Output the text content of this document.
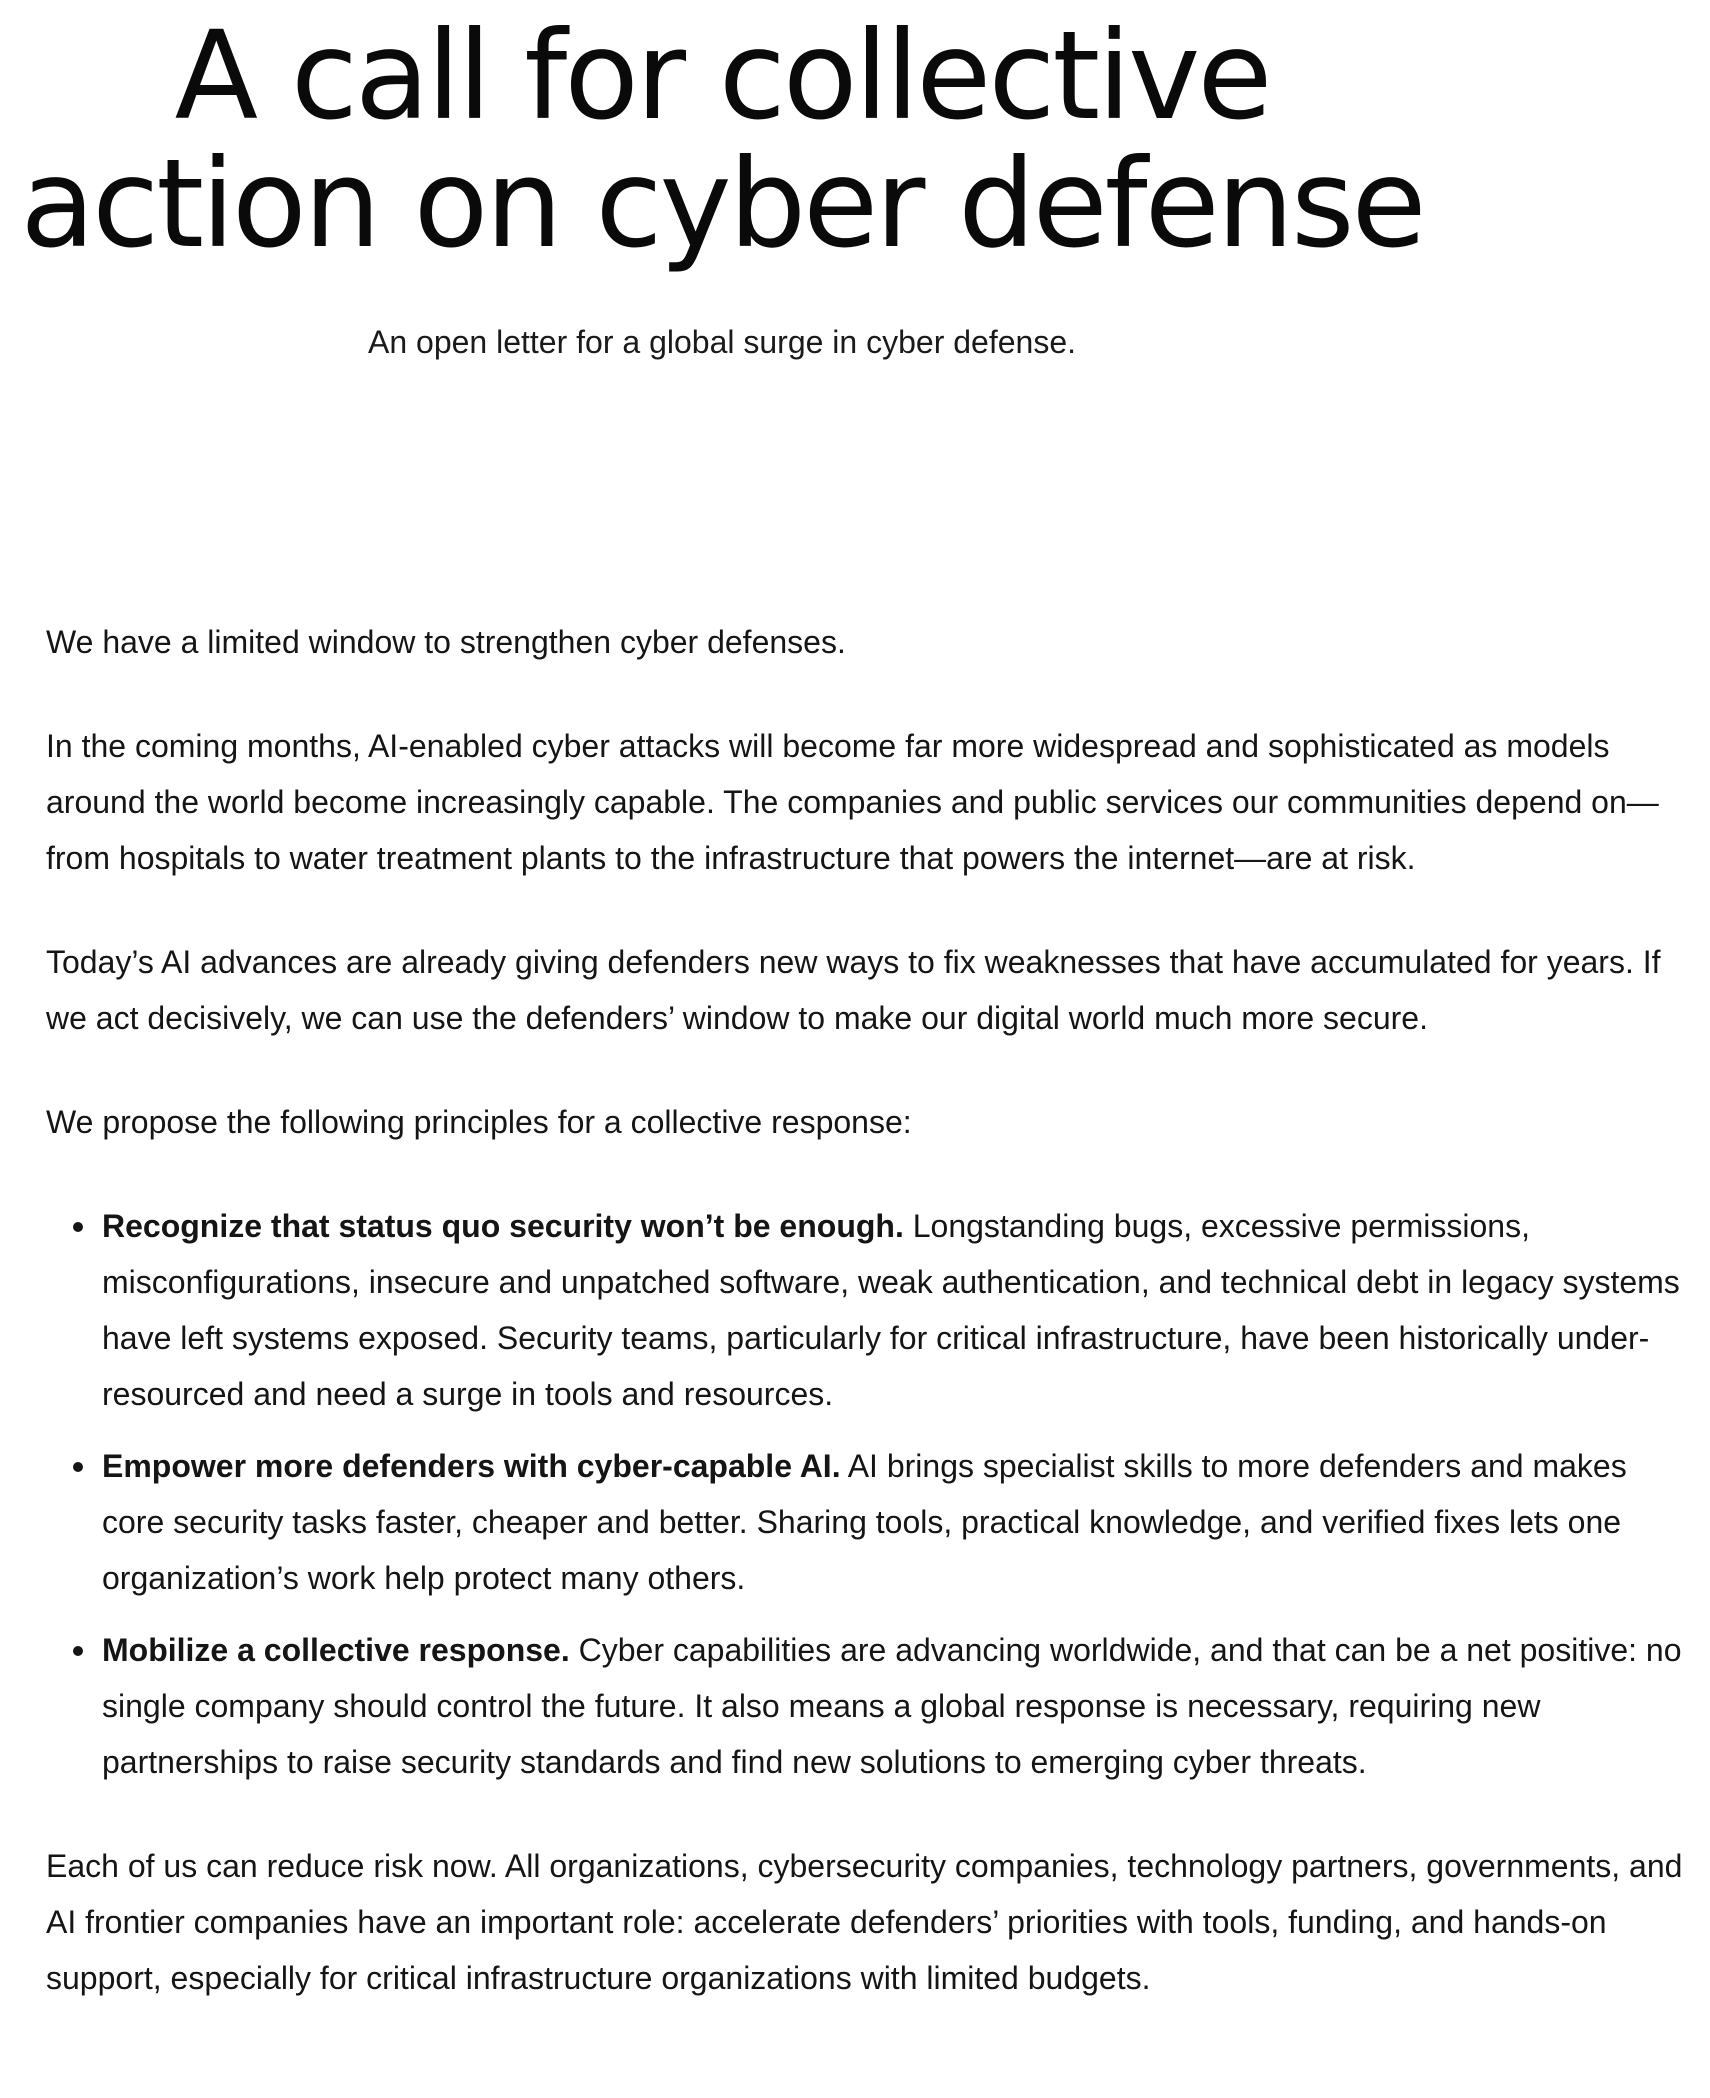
A call for collective
action on cyber defense
An open letter for a global surge in cyber defense.

We have a limited window to strengthen cyber defenses.

In the coming months, AI-enabled cyber attacks will become far more widespread and sophisticated as models around the world become increasingly capable. The companies and public services our communities depend on—from hospitals to water treatment plants to the infrastructure that powers the internet—are at risk.

Today’s AI advances are already giving defenders new ways to fix weaknesses that have accumulated for years. If we act decisively, we can use the defenders’ window to make our digital world much more secure.

We propose the following principles for a collective response:

Recognize that status quo security won’t be enough. Longstanding bugs, excessive permissions, misconfigurations, insecure and unpatched software, weak authentication, and technical debt in legacy systems have left systems exposed. Security teams, particularly for critical infrastructure, have been historically under-resourced and need a surge in tools and resources.
Empower more defenders with cyber-capable AI. AI brings specialist skills to more defenders and makes core security tasks faster, cheaper and better. Sharing tools, practical knowledge, and verified fixes lets one organization’s work help protect many others.
Mobilize a collective response. Cyber capabilities are advancing worldwide, and that can be a net positive: no single company should control the future. It also means a global response is necessary, requiring new partnerships to raise security standards and find new solutions to emerging cyber threats.

Each of us can reduce risk now. All organizations, cybersecurity companies, technology partners, governments, and AI frontier companies have an important role: accelerate defenders’ priorities with tools, funding, and hands-on support, especially for critical infrastructure organizations with limited budgets.
